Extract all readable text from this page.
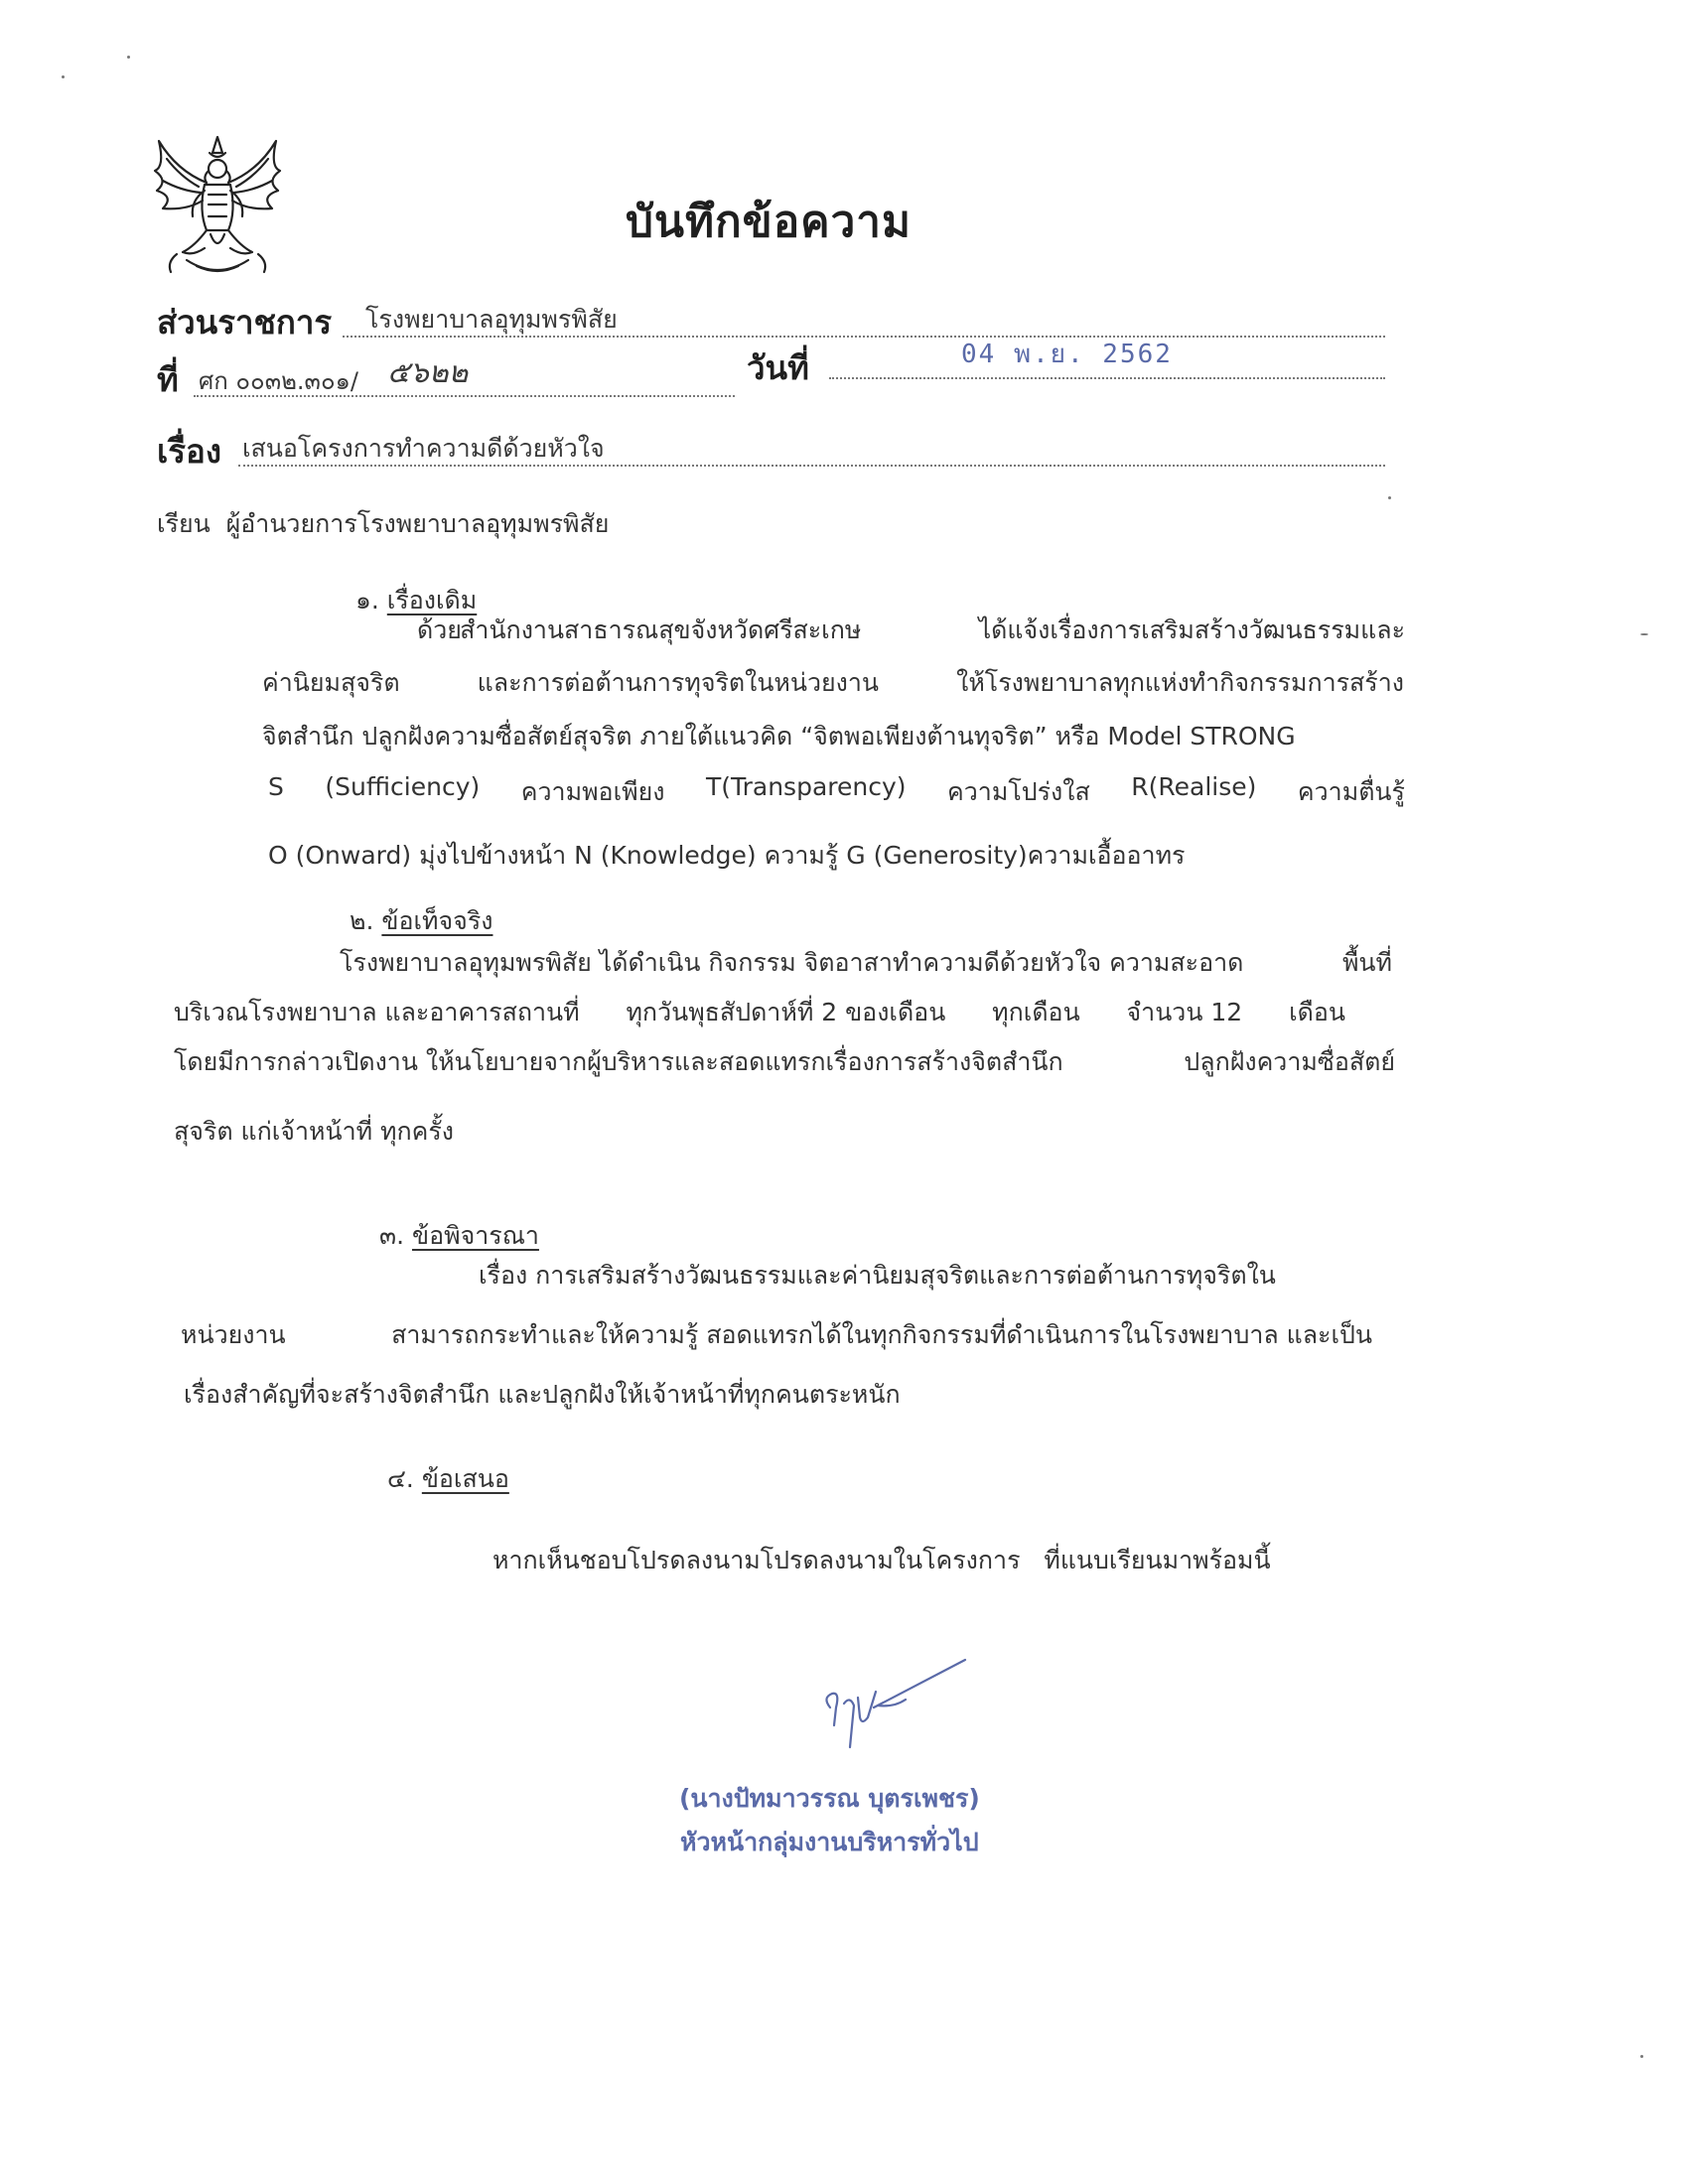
บันทึกข้อความ
ส่วนราชการ โรงพยาบาลอุทุมพรพิสัย
ที่ ศก ๐๐๓๒.๓๐๑/ ๕๖๒๒	วันที่	04 พ.ย. 2562
เรื่อง เสนอโครงการทำความดีด้วยหัวใจ
เรียน ผู้อำนวยการโรงพยาบาลอุทุมพรพิสัย
๑. เรื่องเดิม
ด้วย
สำนักงานสาธารณสุขจังหวัดศรีสะเกษ	ได้แจ้งเรื่องการเสริมสร้างวัฒนธรรมและ
ค่านิยมสุจริต	และการต่อต้านการทุจริตในหน่วยงาน	ให้โรงพยาบาลทุกแห่งทำกิจกรรมการสร้าง
จิตสำนึก ปลูกฝังความซื่อสัตย์สุจริต ภายใต้แนวคิด “จิตพอเพียงต้านทุจริต” หรือ Model STRONG
S (Sufficiency) ความพอเพียง T(Transparency) ความโปร่งใส R(Realise) ความตื่นรู้
O (Onward) มุ่งไปข้างหน้า N (Knowledge) ความรู้ G (Generosity)ความเอื้ออาทร
๒. ข้อเท็จจริง
โรงพยาบาลอุทุมพรพิสัย ได้ดำเนิน กิจกรรม จิตอาสาทำความดีด้วยหัวใจ ความสะอาด	พื้นที่
บริเวณโรงพยาบาล และอาคารสถานที่ ทุกวันพุธสัปดาห์ที่ 2 ของเดือน ทุกเดือน จำนวน 12 เดือน
โดยมีการกล่าวเปิดงาน ให้นโยบายจากผู้บริหารและสอดแทรกเรื่องการสร้างจิตสำนึก	ปลูกฝังความซื่อสัตย์
สุจริต แก่เจ้าหน้าที่ ทุกครั้ง
๓. ข้อพิจารณา
เรื่อง การเสริมสร้างวัฒนธรรมและค่านิยมสุจริตและการต่อต้านการทุจริตใน
หน่วยงาน	สามารถกระทำและให้ความรู้ สอดแทรกได้ในทุกกิจกรรมที่ดำเนินการในโรงพยาบาล และเป็น
เรื่องสำคัญที่จะสร้างจิตสำนึก และปลูกฝังให้เจ้าหน้าที่ทุกคนตระหนัก
๔. ข้อเสนอ
หากเห็นชอบโปรดลงนามโปรดลงนามในโครงการ   ที่แนบเรียนมาพร้อมนี้
(นางปัทมาวรรณ บุตรเพชร)
หัวหน้ากลุ่มงานบริหารทั่วไป
